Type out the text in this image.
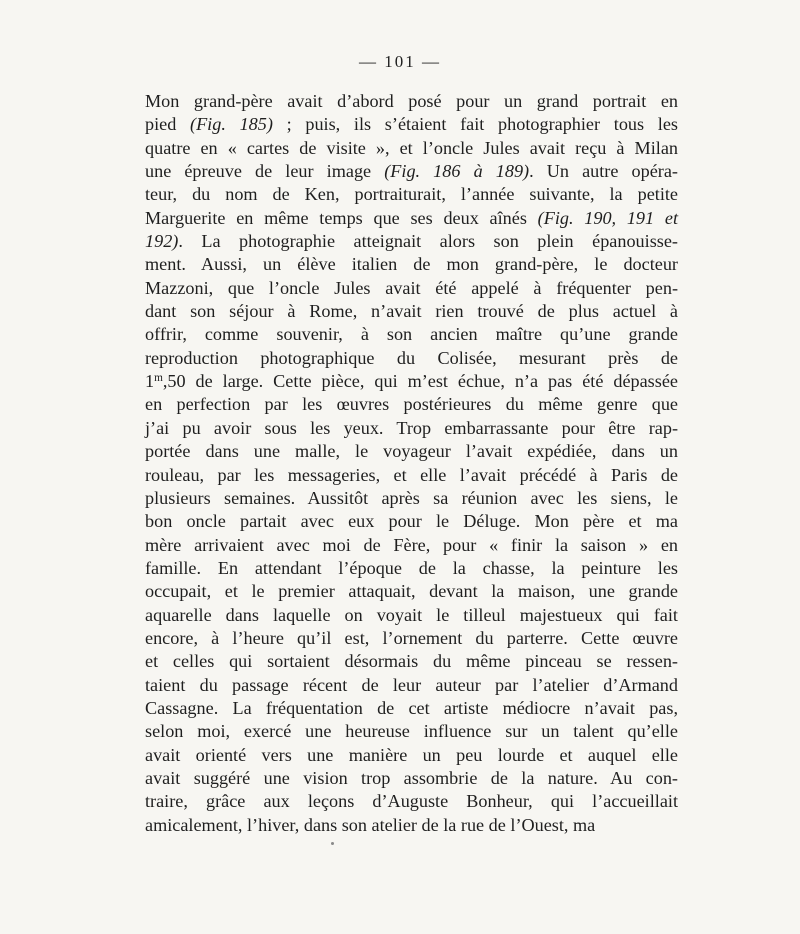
— 101 —
Mon grand-père avait d’abord posé pour un grand portrait en
pied (Fig. 185) ; puis, ils s’étaient fait photographier tous les
quatre en « cartes de visite », et l’oncle Jules avait reçu à Milan
une épreuve de leur image (Fig. 186 à 189). Un autre opéra-
teur, du nom de Ken, portraiturait, l’année suivante, la petite
Marguerite en même temps que ses deux aînés (Fig. 190, 191 et
192). La photographie atteignait alors son plein épanouisse-
ment. Aussi, un élève italien de mon grand-père, le docteur
Mazzoni, que l’oncle Jules avait été appelé à fréquenter pen-
dant son séjour à Rome, n’avait rien trouvé de plus actuel à
offrir, comme souvenir, à son ancien maître qu’une grande
reproduction photographique du Colisée, mesurant près de
1$^m$,50 de large. Cette pièce, qui m’est échue, n’a pas été dépassée
en perfection par les œuvres postérieures du même genre que
j’ai pu avoir sous les yeux. Trop embarrassante pour être rap-
portée dans une malle, le voyageur l’avait expédiée, dans un
rouleau, par les messageries, et elle l’avait précédé à Paris de
plusieurs semaines. Aussitôt après sa réunion avec les siens, le
bon oncle partait avec eux pour le Déluge. Mon père et ma
mère arrivaient avec moi de Fère, pour « finir la saison » en
famille. En attendant l’époque de la chasse, la peinture les
occupait, et le premier attaquait, devant la maison, une grande
aquarelle dans laquelle on voyait le tilleul majestueux qui fait
encore, à l’heure qu’il est, l’ornement du parterre. Cette œuvre
et celles qui sortaient désormais du même pinceau se ressen-
taient du passage récent de leur auteur par l’atelier d’Armand
Cassagne. La fréquentation de cet artiste médiocre n’avait pas,
selon moi, exercé une heureuse influence sur un talent qu’elle
avait orienté vers une manière un peu lourde et auquel elle
avait suggéré une vision trop assombrie de la nature. Au con-
traire, grâce aux leçons d’Auguste Bonheur, qui l’accueillait
amicalement, l’hiver, dans son atelier de la rue de l’Ouest, ma
